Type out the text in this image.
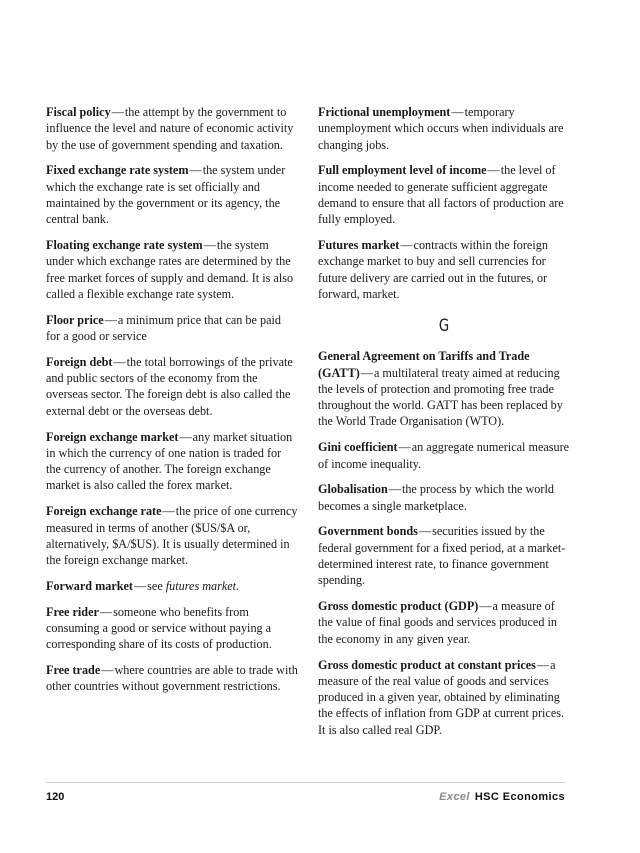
Fiscal policy—the attempt by the government to influence the level and nature of economic activity by the use of government spending and taxation.

Fixed exchange rate system—the system under which the exchange rate is set officially and maintained by the government or its agency, the central bank.

Floating exchange rate system—the system under which exchange rates are determined by the free market forces of supply and demand. It is also called a flexible exchange rate system.

Floor price—a minimum price that can be paid for a good or service

Foreign debt—the total borrowings of the private and public sectors of the economy from the overseas sector. The foreign debt is also called the external debt or the overseas debt.

Foreign exchange market—any market situation in which the currency of one nation is traded for the currency of another. The foreign exchange market is also called the forex market.

Foreign exchange rate—the price of one currency measured in terms of another ($US/$A or, alternatively, $A/$US). It is usually determined in the foreign exchange market.

Forward market—see futures market.

Free rider—someone who benefits from consuming a good or service without paying a corresponding share of its costs of production.

Free trade—where countries are able to trade with other countries without government restrictions.

Frictional unemployment—temporary unemployment which occurs when individuals are changing jobs.

Full employment level of income—the level of income needed to generate sufficient aggregate demand to ensure that all factors of production are fully employed.

Futures market—contracts within the foreign exchange market to buy and sell currencies for future delivery are carried out in the futures, or forward, market.

G

General Agreement on Tariffs and Trade (GATT)—a multilateral treaty aimed at reducing the levels of protection and promoting free trade throughout the world. GATT has been replaced by the World Trade Organisation (WTO).

Gini coefficient—an aggregate numerical measure of income inequality.

Globalisation—the process by which the world becomes a single marketplace.

Government bonds—securities issued by the federal government for a fixed period, at a market-determined interest rate, to finance government spending.

Gross domestic product (GDP)—a measure of the value of final goods and services produced in the economy in any given year.

Gross domestic product at constant prices—a measure of the real value of goods and services produced in a given year, obtained by eliminating the effects of inflation from GDP at current prices. It is also called real GDP.

120	Excel HSC Economics
